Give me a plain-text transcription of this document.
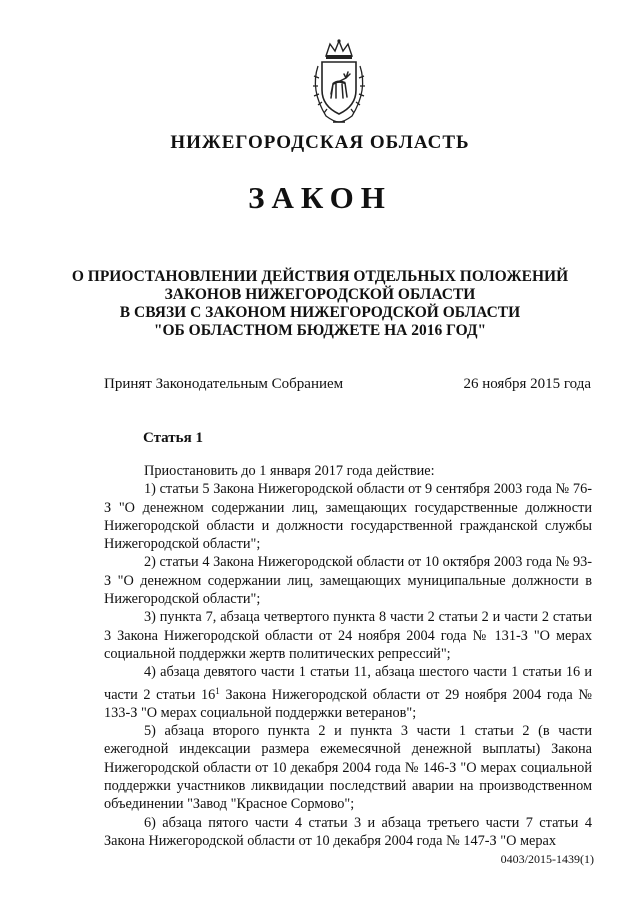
НИЖЕГОРОДСКАЯ ОБЛАСТЬ
ЗАКОН
О ПРИОСТАНОВЛЕНИИ ДЕЙСТВИЯ ОТДЕЛЬНЫХ ПОЛОЖЕНИЙ
ЗАКОНОВ НИЖЕГОРОДСКОЙ ОБЛАСТИ
В СВЯЗИ С ЗАКОНОМ НИЖЕГОРОДСКОЙ ОБЛАСТИ
"ОБ ОБЛАСТНОМ БЮДЖЕТЕ НА 2016 ГОД"
Принят Законодательным Собранием	26 ноября 2015 года
Статья 1

Приостановить до 1 января 2017 года действие:

1) статьи 5 Закона Нижегородской области от 9 сентября 2003 года № 76-З "О денежном содержании лиц, замещающих государственные должности Нижегородской области и должности государственной гражданской службы Нижегородской области";

2) статьи 4 Закона Нижегородской области от 10 октября 2003 года № 93-З "О денежном содержании лиц, замещающих муниципальные должности в Нижегородской области";

3) пункта 7, абзаца четвертого пункта 8 части 2 статьи 2 и части 2 статьи 3 Закона Нижегородской области от 24 ноября 2004 года № 131-З "О мерах социальной поддержки жертв политических репрессий";

4) абзаца девятого части 1 статьи 11, абзаца шестого части 1 статьи 16 и части 2 статьи $16^1$ Закона Нижегородской области от 29 ноября 2004 года № 133-З "О мерах социальной поддержки ветеранов";

5) абзаца второго пункта 2 и пункта 3 части 1 статьи 2 (в части ежегодной индексации размера ежемесячной денежной выплаты) Закона Нижегородской области от 10 декабря 2004 года № 146-З "О мерах социальной поддержки участников ликвидации последствий аварии на производственном объединении "Завод "Красное Сормово";

6) абзаца пятого части 4 статьи 3 и абзаца третьего части 7 статьи 4 Закона Нижегородской области от 10 декабря 2004 года № 147-З "О мерах

0403/2015-1439(1)
